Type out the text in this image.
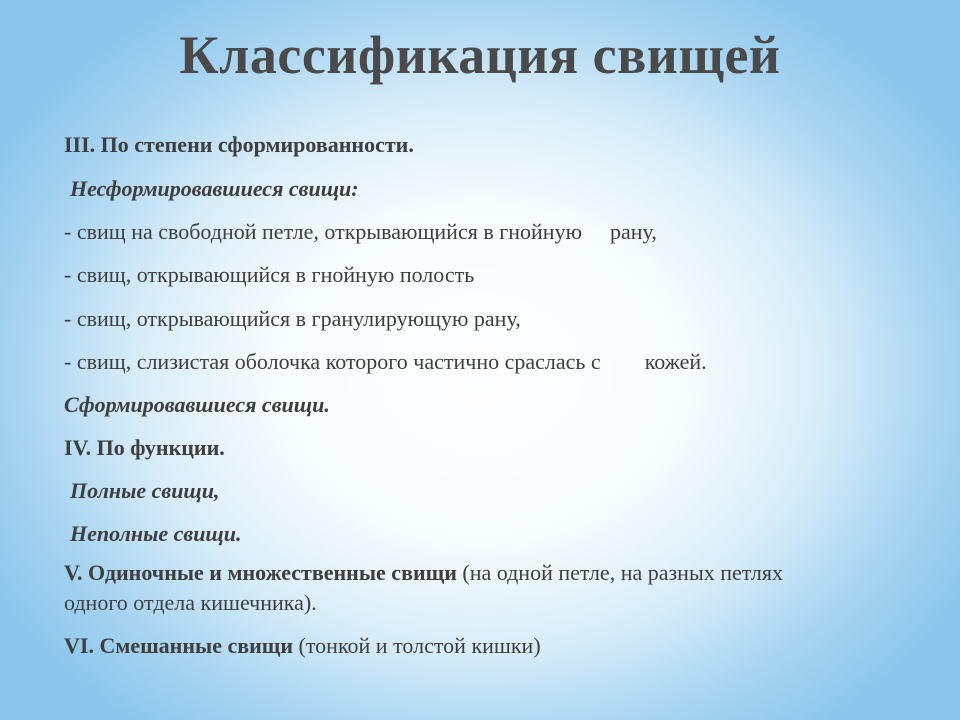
Классификация свищей
III. По степени сформированности.
Несформировавшиеся свищи:
- свищ на свободной петле, открывающийся в гнойную рану,
- свищ, открывающийся в гнойную полость
- свищ, открывающийся в гранулирующую рану,
- свищ, слизистая оболочка которого частично сраслась с кожей.
Сформировавшиеся свищи.
IV. По функции.
Полные свищи,
Неполные свищи.
V. Одиночные и множественные свищи (на одной петле, на разных петлях одного отдела кишечника).
VI. Смешанные свищи (тонкой и толстой кишки)
